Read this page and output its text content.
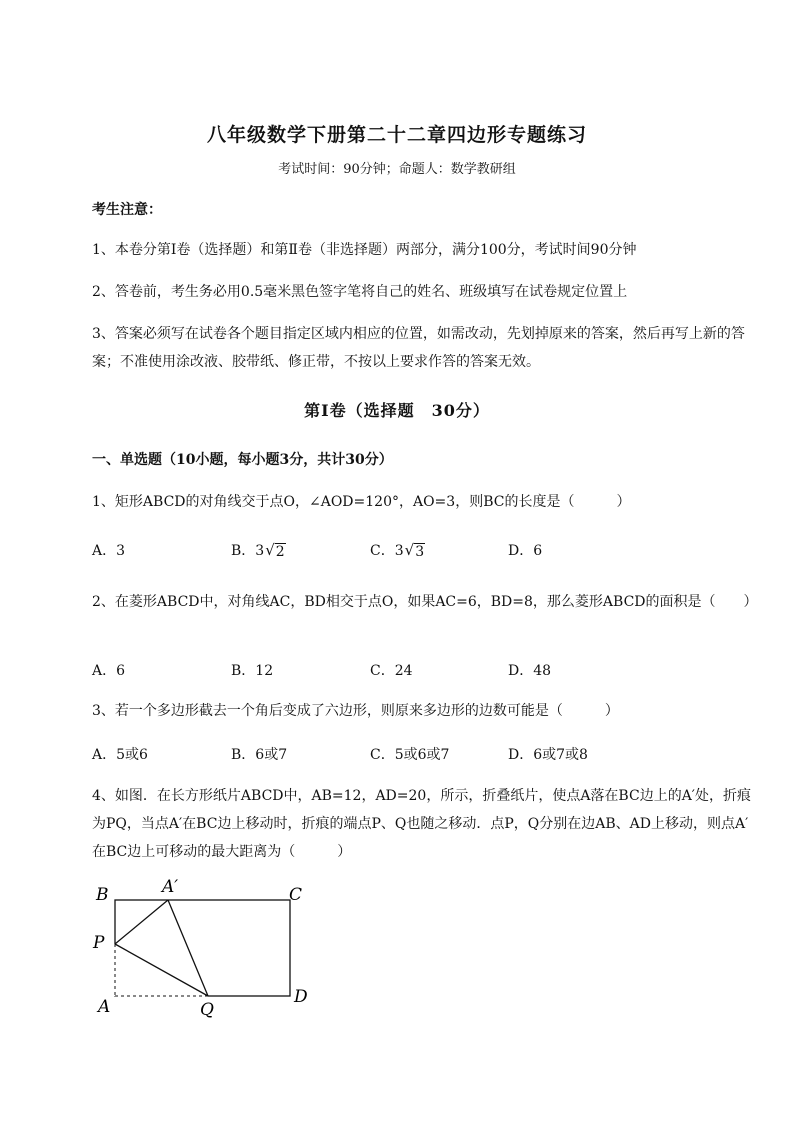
八年级数学下册第二十二章四边形专题练习
考试时间：90分钟；命题人：数学教研组
考生注意：
1、本卷分第I卷（选择题）和第Ⅱ卷（非选择题）两部分，满分100分，考试时间90分钟
2、答卷前，考生务必用0.5毫米黑色签字笔将自己的姓名、班级填写在试卷规定位置上
3、答案必须写在试卷各个题目指定区域内相应的位置，如需改动，先划掉原来的答案，然后再写上新的答案；不准使用涂改液、胶带纸、修正带，不按以上要求作答的答案无效。
第I卷（选择题　30分）
一、单选题（10小题，每小题3分，共计30分）
1、矩形ABCD的对角线交于点O，∠AOD=120°，AO=3，则BC的长度是（　　　）
A．3	B．3 √ 2	C．3 √ 3	D．6
2、在菱形ABCD中，对角线AC，BD相交于点O，如果AC=6，BD=8，那么菱形ABCD的面积是（　　）
A．6	B．12	C．24	D．48
3、若一个多边形截去一个角后变成了六边形，则原来多边形的边数可能是（　　　）
A．5或6	B．6或7	C．5或6或7	D．6或7或8
4、如图．在长方形纸片ABCD中，AB=12，AD=20，所示，折叠纸片，使点A落在BC边上的A′处，折痕为PQ，当点A′在BC边上移动时，折痕的端点P、Q也随之移动．点P，Q分别在边AB、AD上移动，则点A′在BC边上可移动的最大距离为（　　　）
B	A′	C
P
A	Q
D
